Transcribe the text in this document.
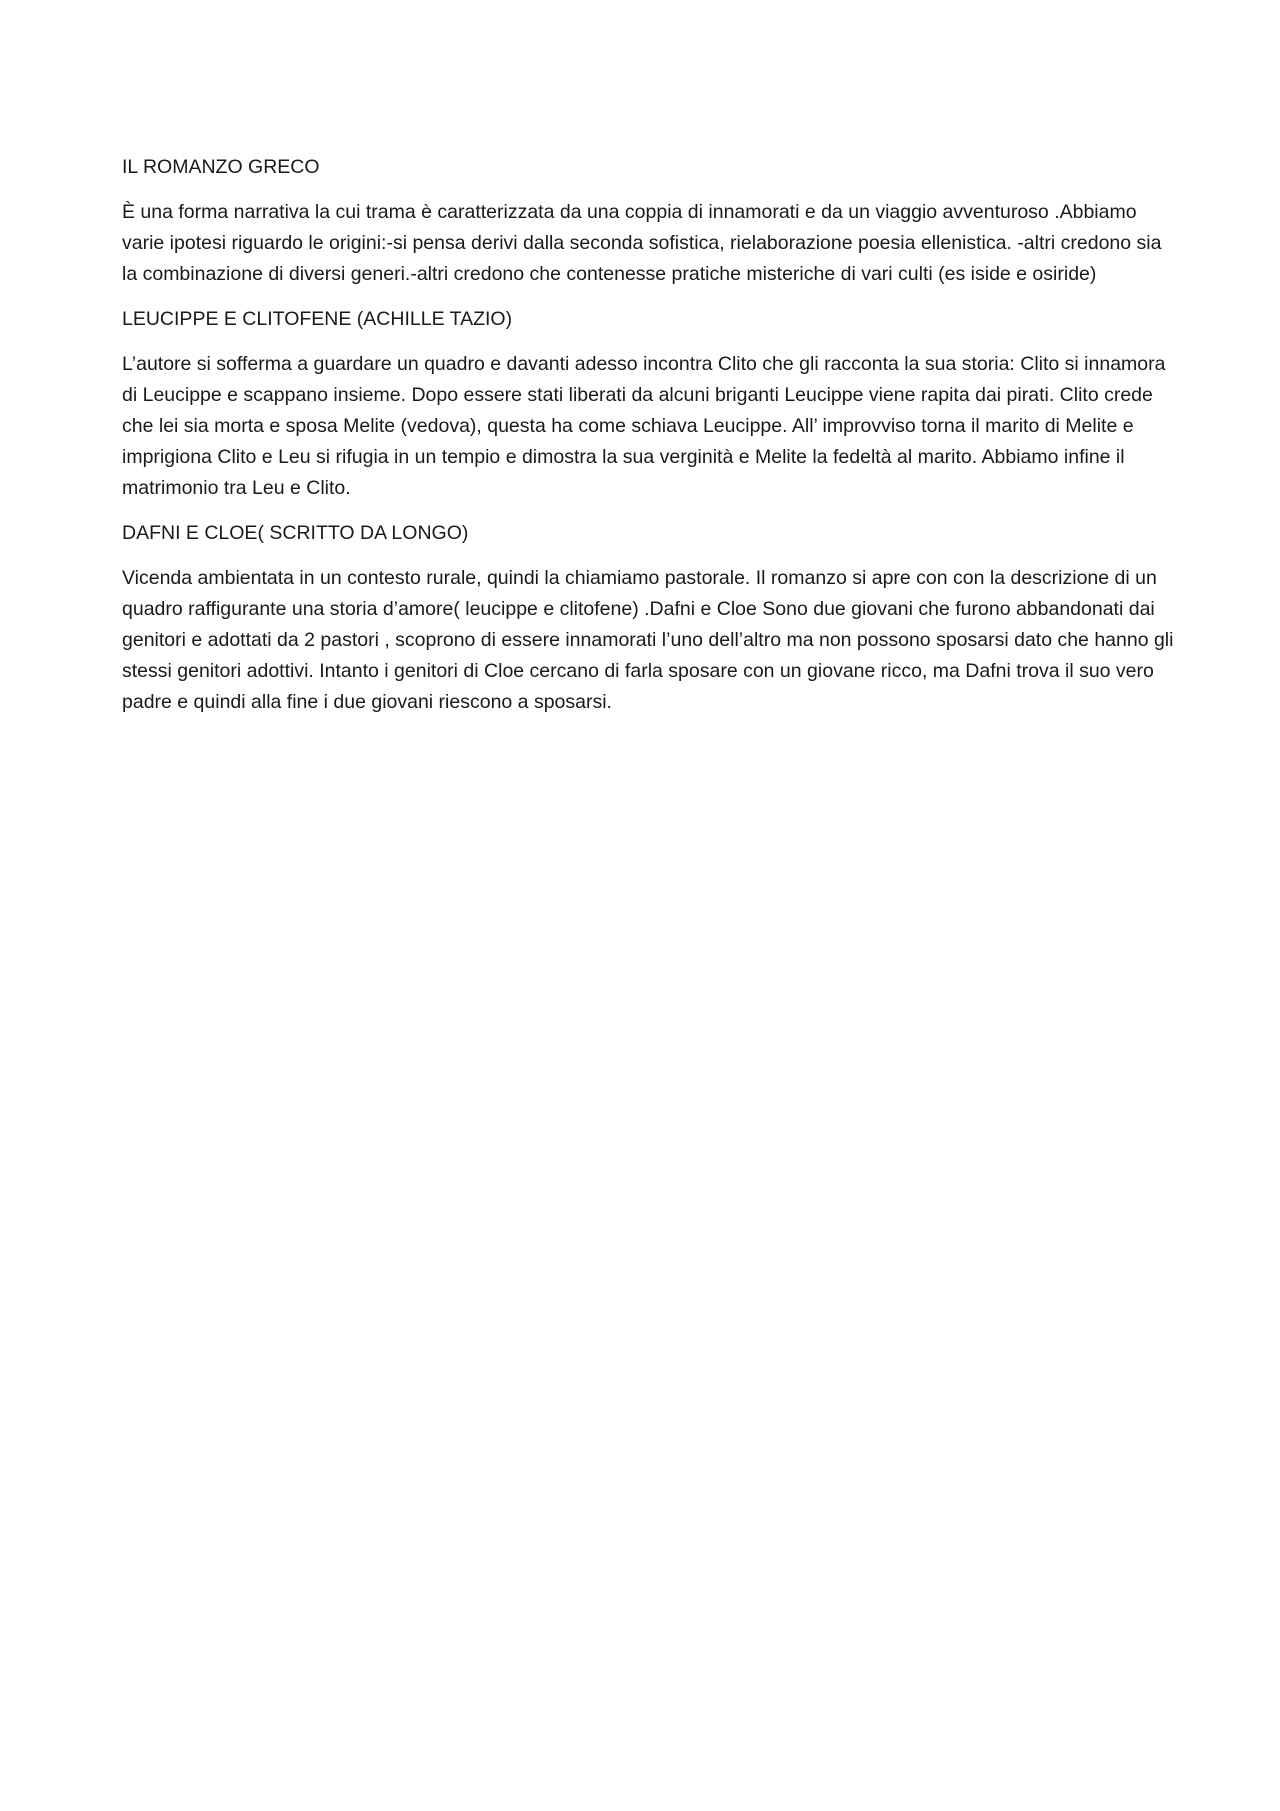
IL ROMANZO GRECO
È una forma narrativa la cui trama è caratterizzata da una coppia di innamorati e da un viaggio avventuroso .Abbiamo varie ipotesi riguardo le origini:-si pensa derivi dalla seconda sofistica, rielaborazione poesia ellenistica. -altri credono sia la combinazione di diversi generi.-altri credono che contenesse pratiche misteriche di vari culti (es iside e osiride)
LEUCIPPE E CLITOFENE (ACHILLE TAZIO)
L’autore si sofferma a guardare un quadro e davanti adesso incontra Clito che gli racconta la sua storia: Clito si innamora di Leucippe e scappano insieme. Dopo essere stati liberati da alcuni briganti Leucippe viene rapita dai pirati. Clito crede che lei sia morta e sposa Melite (vedova), questa ha come schiava Leucippe. All’ improvviso torna il marito di Melite e imprigiona Clito e Leu si rifugia in un tempio e dimostra la sua verginità e Melite la fedeltà al marito. Abbiamo infine il matrimonio tra Leu e Clito.
DAFNI E CLOE( SCRITTO DA LONGO)
Vicenda ambientata in un contesto rurale, quindi la chiamiamo pastorale. Il romanzo si apre con con la descrizione di un quadro raffigurante una storia d’amore( leucippe e clitofene) .Dafni e Cloe Sono due giovani che furono abbandonati dai genitori e adottati da 2 pastori , scoprono di essere innamorati l’uno dell’altro ma non possono sposarsi dato che hanno gli stessi genitori adottivi. Intanto i genitori di Cloe cercano di farla sposare con un giovane ricco, ma Dafni trova il suo vero padre e quindi alla fine i due giovani riescono a sposarsi.
